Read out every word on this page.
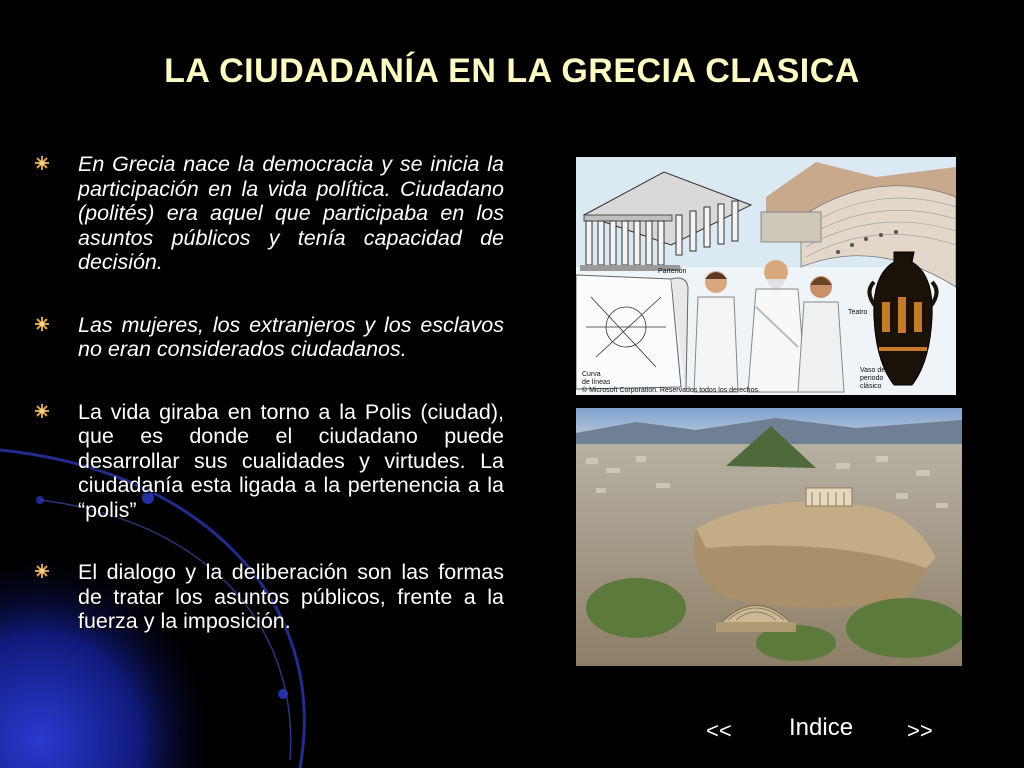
LA CIUDADANÍA EN LA GRECIA CLASICA
En Grecia nace la democracia y se inicia la participación en la vida política. Ciudadano (polités) era aquel que participaba en los asuntos públicos y tenía capacidad de decisión.
Las mujeres, los extranjeros y los esclavos no eran considerados ciudadanos.
La vida giraba en torno a la Polis (ciudad), que es donde el ciudadano puede desarrollar sus cualidades y virtudes. La ciudadanía esta ligada a la pertenencia a la “polis”
El dialogo y la deliberación son las formas de tratar los asuntos públicos, frente a la fuerza y la imposición.
Partenón
Teatro
Vaso del
periodo
clásico
Curva
de líneas
© Microsoft Corporation. Reservados todos los derechos.
<< Indice >>
